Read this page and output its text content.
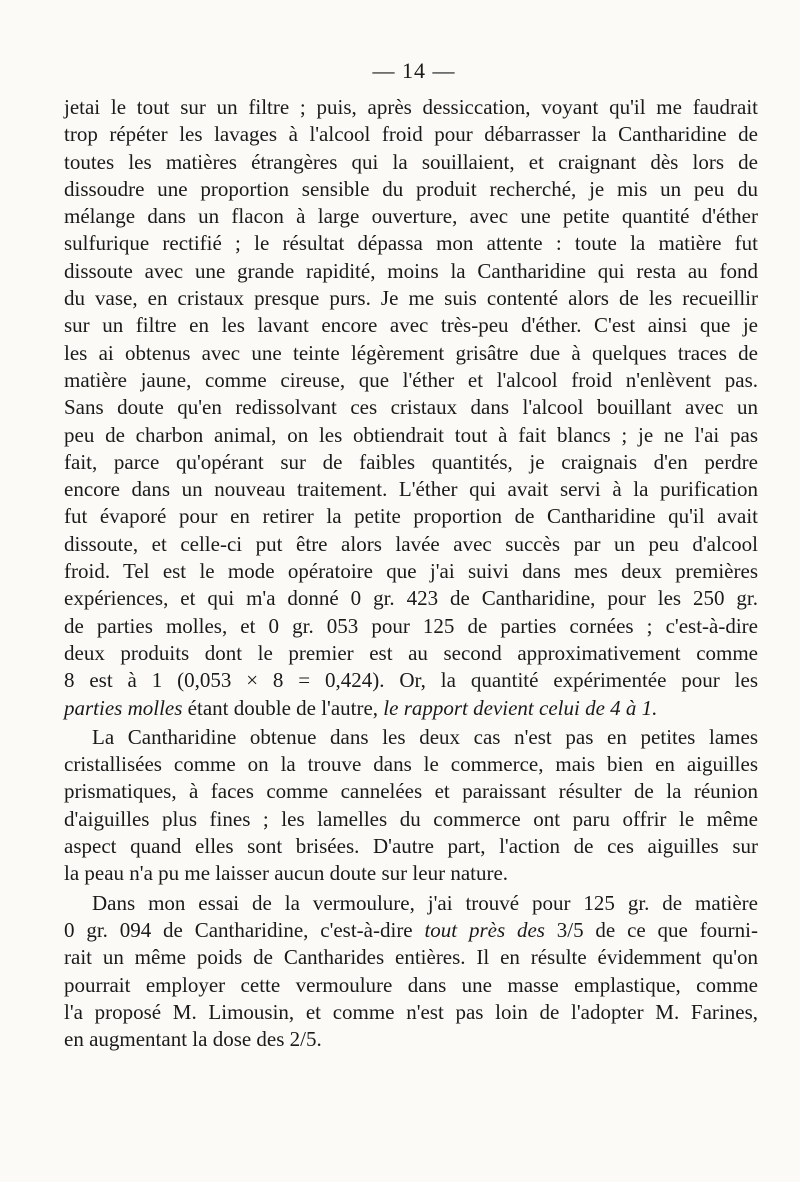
— 14 —
jetai le tout sur un filtre ; puis, après dessiccation, voyant qu'il me faudrait
trop répéter les lavages à l'alcool froid pour débarrasser la Cantharidine de
toutes les matières étrangères qui la souillaient, et craignant dès lors de
dissoudre une proportion sensible du produit recherché, je mis un peu du
mélange dans un flacon à large ouverture, avec une petite quantité d'éther
sulfurique rectifié ; le résultat dépassa mon attente : toute la matière fut
dissoute avec une grande rapidité, moins la Cantharidine qui resta au fond
du vase, en cristaux presque purs. Je me suis contenté alors de les recueillir
sur un filtre en les lavant encore avec très-peu d'éther. C'est ainsi que je
les ai obtenus avec une teinte légèrement grisâtre due à quelques traces de
matière jaune, comme cireuse, que l'éther et l'alcool froid n'enlèvent pas.
Sans doute qu'en redissolvant ces cristaux dans l'alcool bouillant avec un
peu de charbon animal, on les obtiendrait tout à fait blancs ; je ne l'ai pas
fait, parce qu'opérant sur de faibles quantités, je craignais d'en perdre
encore dans un nouveau traitement. L'éther qui avait servi à la purification
fut évaporé pour en retirer la petite proportion de Cantharidine qu'il avait
dissoute, et celle-ci put être alors lavée avec succès par un peu d'alcool
froid. Tel est le mode opératoire que j'ai suivi dans mes deux premières
expériences, et qui m'a donné 0 gr. 423 de Cantharidine, pour les 250 gr.
de parties molles, et 0 gr. 053 pour 125 de parties cornées ; c'est-à-dire
deux produits dont le premier est au second approximativement comme
8 est à 1 (0,053 × 8 = 0,424). Or, la quantité expérimentée pour les
parties molles étant double de l'autre, le rapport devient celui de 4 à 1.
La Cantharidine obtenue dans les deux cas n'est pas en petites lames
cristallisées comme on la trouve dans le commerce, mais bien en aiguilles
prismatiques, à faces comme cannelées et paraissant résulter de la réunion
d'aiguilles plus fines ; les lamelles du commerce ont paru offrir le même
aspect quand elles sont brisées. D'autre part, l'action de ces aiguilles sur
la peau n'a pu me laisser aucun doute sur leur nature.
Dans mon essai de la vermoulure, j'ai trouvé pour 125 gr. de matière
0 gr. 094 de Cantharidine, c'est-à-dire tout près des 3/5 de ce que fourni-
rait un même poids de Cantharides entières. Il en résulte évidemment qu'on
pourrait employer cette vermoulure dans une masse emplastique, comme
l'a proposé M. Limousin, et comme n'est pas loin de l'adopter M. Farines,
en augmentant la dose des 2/5.
